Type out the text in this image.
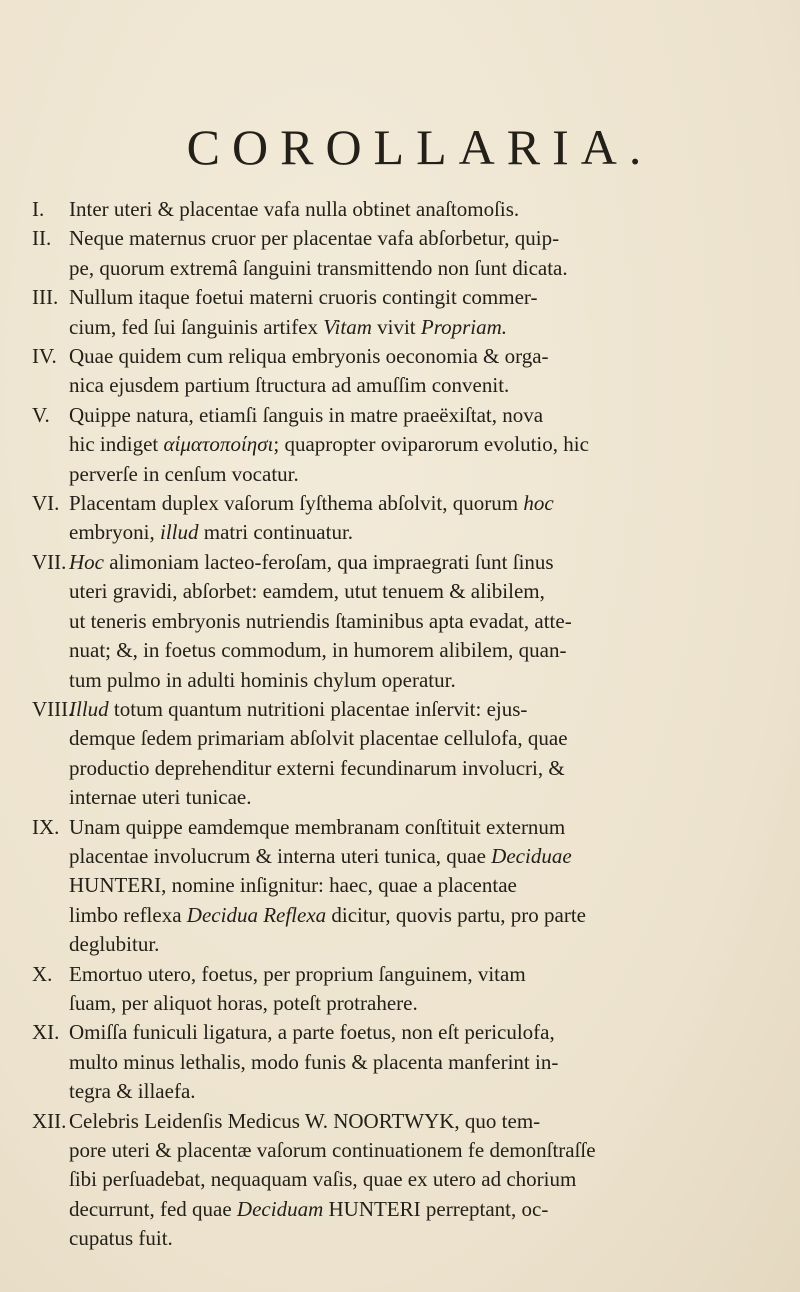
COROLLARIA.
I.	Inter uteri & placentae vafa nulla obtinet anaſtomoſis.
II. Neque maternus cruor per placentae vafa abſorbetur, quip-
pe, quorum extremâ ſanguini transmittendo non ſunt dicata.
III. Nullum itaque foetui materni cruoris contingit commer-
cium, fed ſui ſanguinis artifex Vitam vivit Propriam.
IV. Quae quidem cum reliqua embryonis oeconomia & orga-
nica ejusdem partium ſtructura ad amuſſim convenit.
V. Quippe natura, etiamſi ſanguis in matre praeëxiſtat, nova
hic indiget αἱματοποίησι; quapropter oviparorum evolutio, hic
perverſe in cenſum vocatur.
VI. Placentam duplex vaſorum ſyſthema abſolvit, quorum hoc
embryoni, illud matri continuatur.
VII. Hoc alimoniam lacteo-feroſam, qua impraegrati ſunt ſinus
uteri gravidi, abſorbet: eamdem, utut tenuem & alibilem,
ut teneris embryonis nutriendis ſtaminibus apta evadat, atte-
nuat; &, in foetus commodum, in humorem alibilem, quan-
tum pulmo in adulti hominis chylum operatur.
VIII.
Illud totum quantum nutritioni placentae inſervit: ejus-
demque ſedem primariam abſolvit placentae cellulofa, quae
productio deprehenditur externi fecundinarum involucri, &
internae uteri tunicae.
IX. Unam quippe eamdemque membranam conſtituit externum
placentae involucrum & interna uteri tunica, quae Deciduae
HUNTERI, nomine inſignitur: haec, quae a placentae
limbo reflexa Decidua Reflexa dicitur, quovis partu, pro parte
deglubitur.
X. Emortuo utero, foetus, per proprium ſanguinem, vitam
ſuam, per aliquot horas, poteſt protrahere.
XI. Omiſſa funiculi ligatura, a parte foetus, non eſt periculofa,
multo minus lethalis, modo funis & placenta manferint in-
tegra & illaefa.
XII. Celebris Leidenſis Medicus W. NOORTWYK, quo tem-
pore uteri & placentæ vaſorum continuationem fe demonſtraſſe
ſibi perſuadebat, nequaquam vaſis, quae ex utero ad chorium
decurrunt, fed quae Deciduam HUNTERI perreptant, oc-
cupatus fuit.
